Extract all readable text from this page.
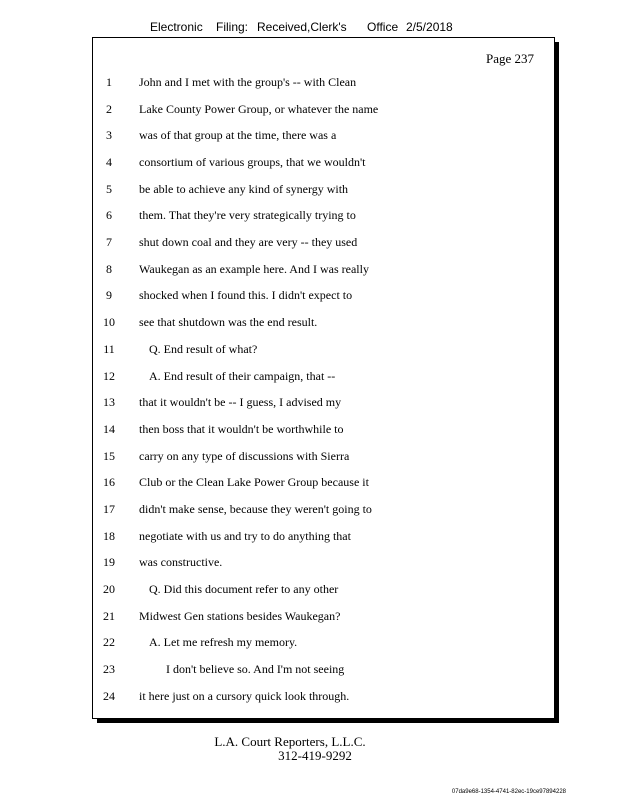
Electronic Filing: Received,Clerk's Office 2/5/2018
Page 237
1	John and I met with the group's -- with Clean
2	Lake County Power Group, or whatever the name
3	was of that group at the time, there was a
4	consortium of various groups, that we wouldn't
5	be able to achieve any kind of synergy with
6	them. That they're very strategically trying to
7	shut down coal and they are very -- they used
8	Waukegan as an example here. And I was really
9	shocked when I found this. I didn't expect to
10	see that shutdown was the end result.
11	Q. End result of what?
12	A. End result of their campaign, that --
13	that it wouldn't be -- I guess, I advised my
14	then boss that it wouldn't be worthwhile to
15	carry on any type of discussions with Sierra
16	Club or the Clean Lake Power Group because it
17	didn't make sense, because they weren't going to
18	negotiate with us and try to do anything that
19	was constructive.
20	Q. Did this document refer to any other
21	Midwest Gen stations besides Waukegan?
22	A. Let me refresh my memory.
23	I don't believe so. And I'm not seeing
24	it here just on a cursory quick look through.
L.A. Court Reporters, L.L.C.
312-419-9292
07da9e68-1354-4741-82ec-19ce97894228
